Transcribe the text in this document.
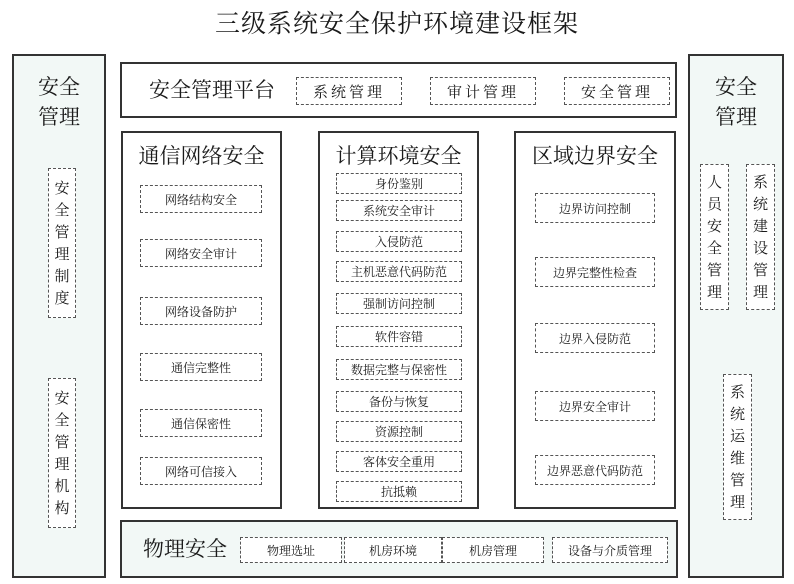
三级系统安全保护环境建设框架
安全管理
安全管理制度
安全管理机构
安全管理
人员安全管理
系统建设管理
系统运维管理
安全管理平台	系统管理	审计管理	安全管理
通信网络安全
网络结构安全
网络安全审计
网络设备防护
通信完整性
通信保密性
网络可信接入
计算环境安全
身份鉴别
系统安全审计
入侵防范
主机恶意代码防范
强制访问控制
软件容错
数据完整与保密性
备份与恢复
资源控制
客体安全重用
抗抵赖
区域边界安全
边界访问控制
边界完整性检查
边界入侵防范
边界安全审计
边界恶意代码防范
物理安全	物理选址	机房环境	机房管理	设备与介质管理
